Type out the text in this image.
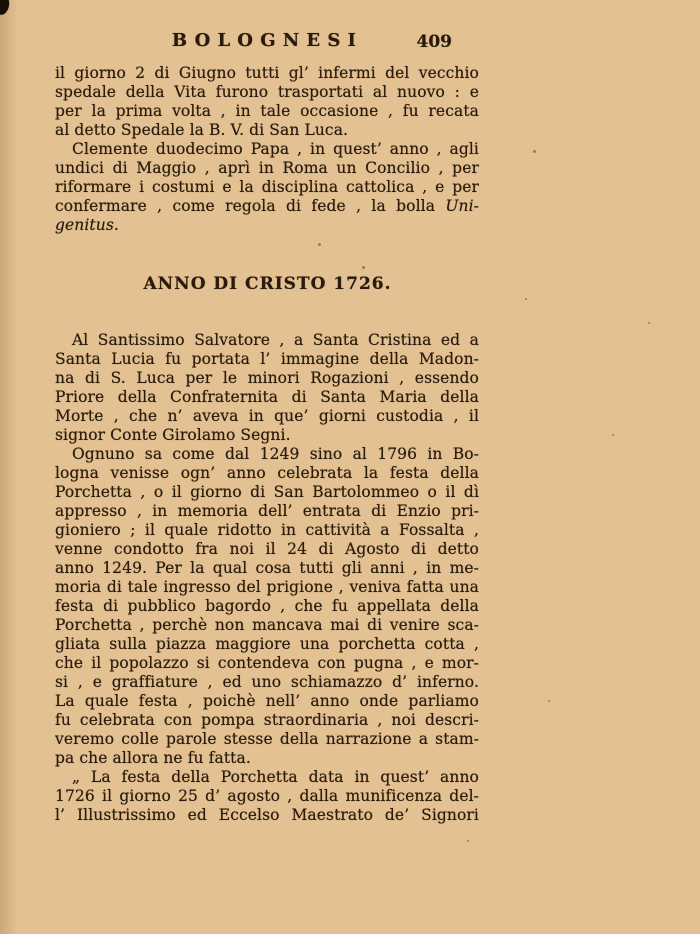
BOLOGNESI	409
il giorno 2 di Giugno tutti gl’ infermi del vecchio
spedale della Vita furono trasportati al nuovo : e
per la prima volta , in tale occasione , fu recata
al detto Spedale la B. V. di San Luca.
Clemente duodecimo Papa , in quest’ anno , agli
undici di Maggio , aprì in Roma un Concilio , per
riformare i costumi e la disciplina cattolica , e per
confermare , come regola di fede , la bolla Uni-
genitus.
ANNO DI CRISTO 1726.
Al Santissimo Salvatore , a Santa Cristina ed a
Santa Lucia fu portata l’ immagine della Madon-
na di S. Luca per le minori Rogazioni , essendo
Priore della Confraternita di Santa Maria della
Morte , che n’ aveva in que’ giorni custodia , il
signor Conte Girolamo Segni.
Ognuno sa come dal 1249 sino al 1796 in Bo-
logna venisse ogn’ anno celebrata la festa della
Porchetta , o il giorno di San Bartolommeo o il dì
appresso , in memoria dell’ entrata di Enzio pri-
gioniero ; il quale ridotto in cattività a Fossalta ,
venne condotto fra noi il 24 di Agosto di detto
anno 1249. Per la qual cosa tutti gli anni , in me-
moria di tale ingresso del prigione , veniva fatta una
festa di pubblico bagordo , che fu appellata della
Porchetta , perchè non mancava mai di venire sca-
gliata sulla piazza maggiore una porchetta cotta ,
che il popolazzo si contendeva con pugna , e mor-
si , e graffiature , ed uno schiamazzo d’ inferno.
La quale festa , poichè nell’ anno onde parliamo
fu celebrata con pompa straordinaria , noi descri-
veremo colle parole stesse della narrazione a stam-
pa che allora ne fu fatta.
„ La festa della Porchetta data in quest’ anno
1726 il giorno 25 d’ agosto , dalla munificenza del-
l’ Illustrissimo ed Eccelso Maestrato de’ Signori
